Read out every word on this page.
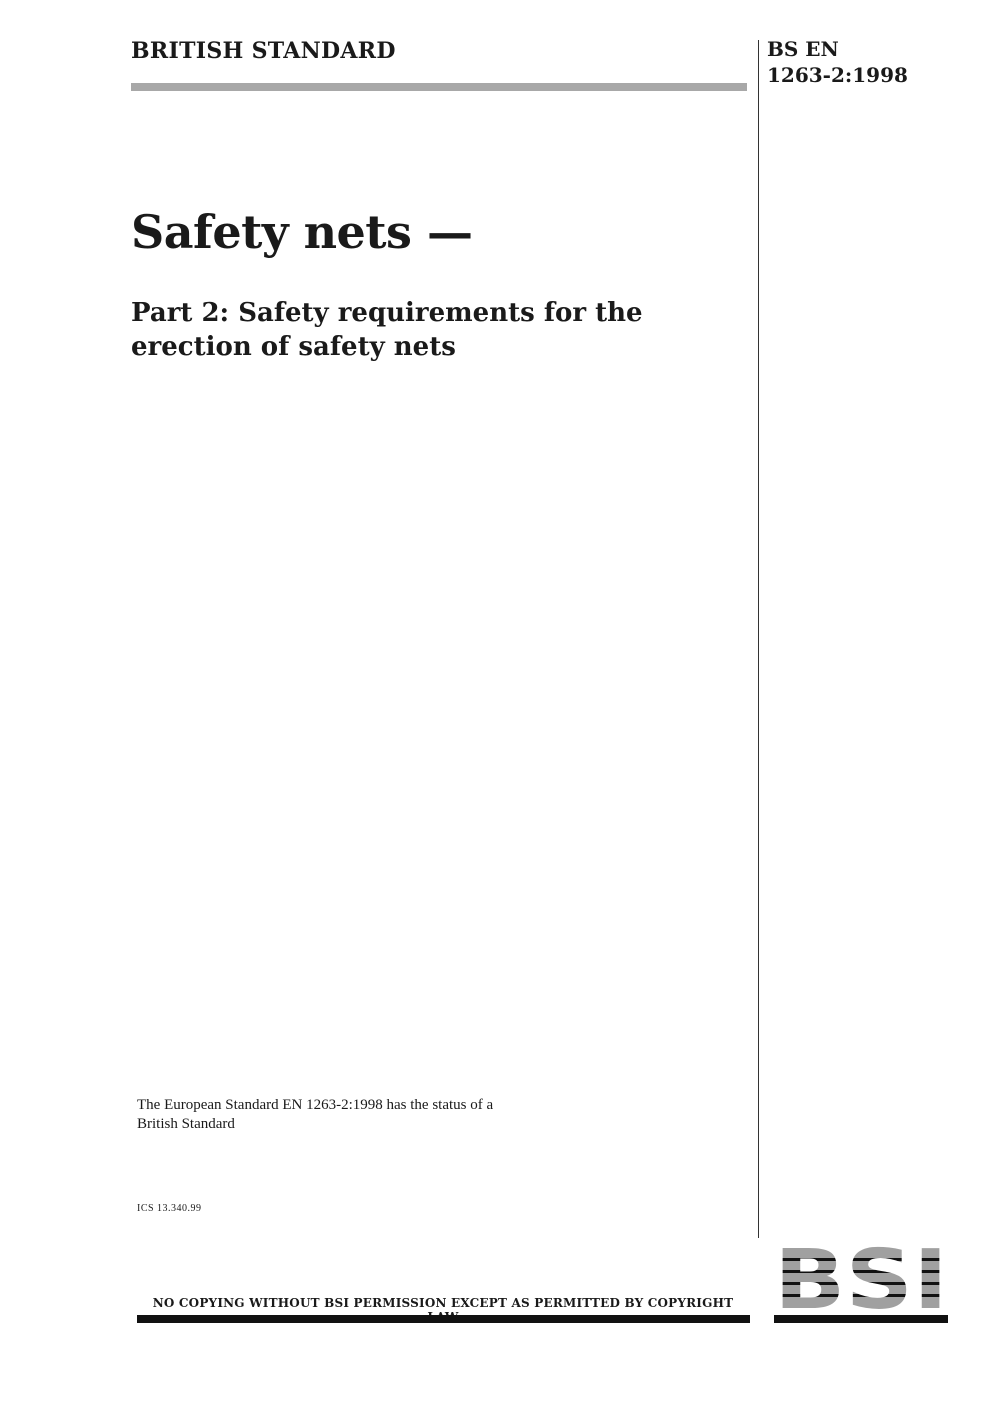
BRITISH STANDARD	BS EN
1263-2:1998
Safety nets —
Part 2: Safety requirements for the
erection of safety nets
The European Standard EN 1263-2:1998 has the status of a
British Standard
ICS 13.340.99
NO COPYING WITHOUT BSI PERMISSION EXCEPT AS PERMITTED BY COPYRIGHT
